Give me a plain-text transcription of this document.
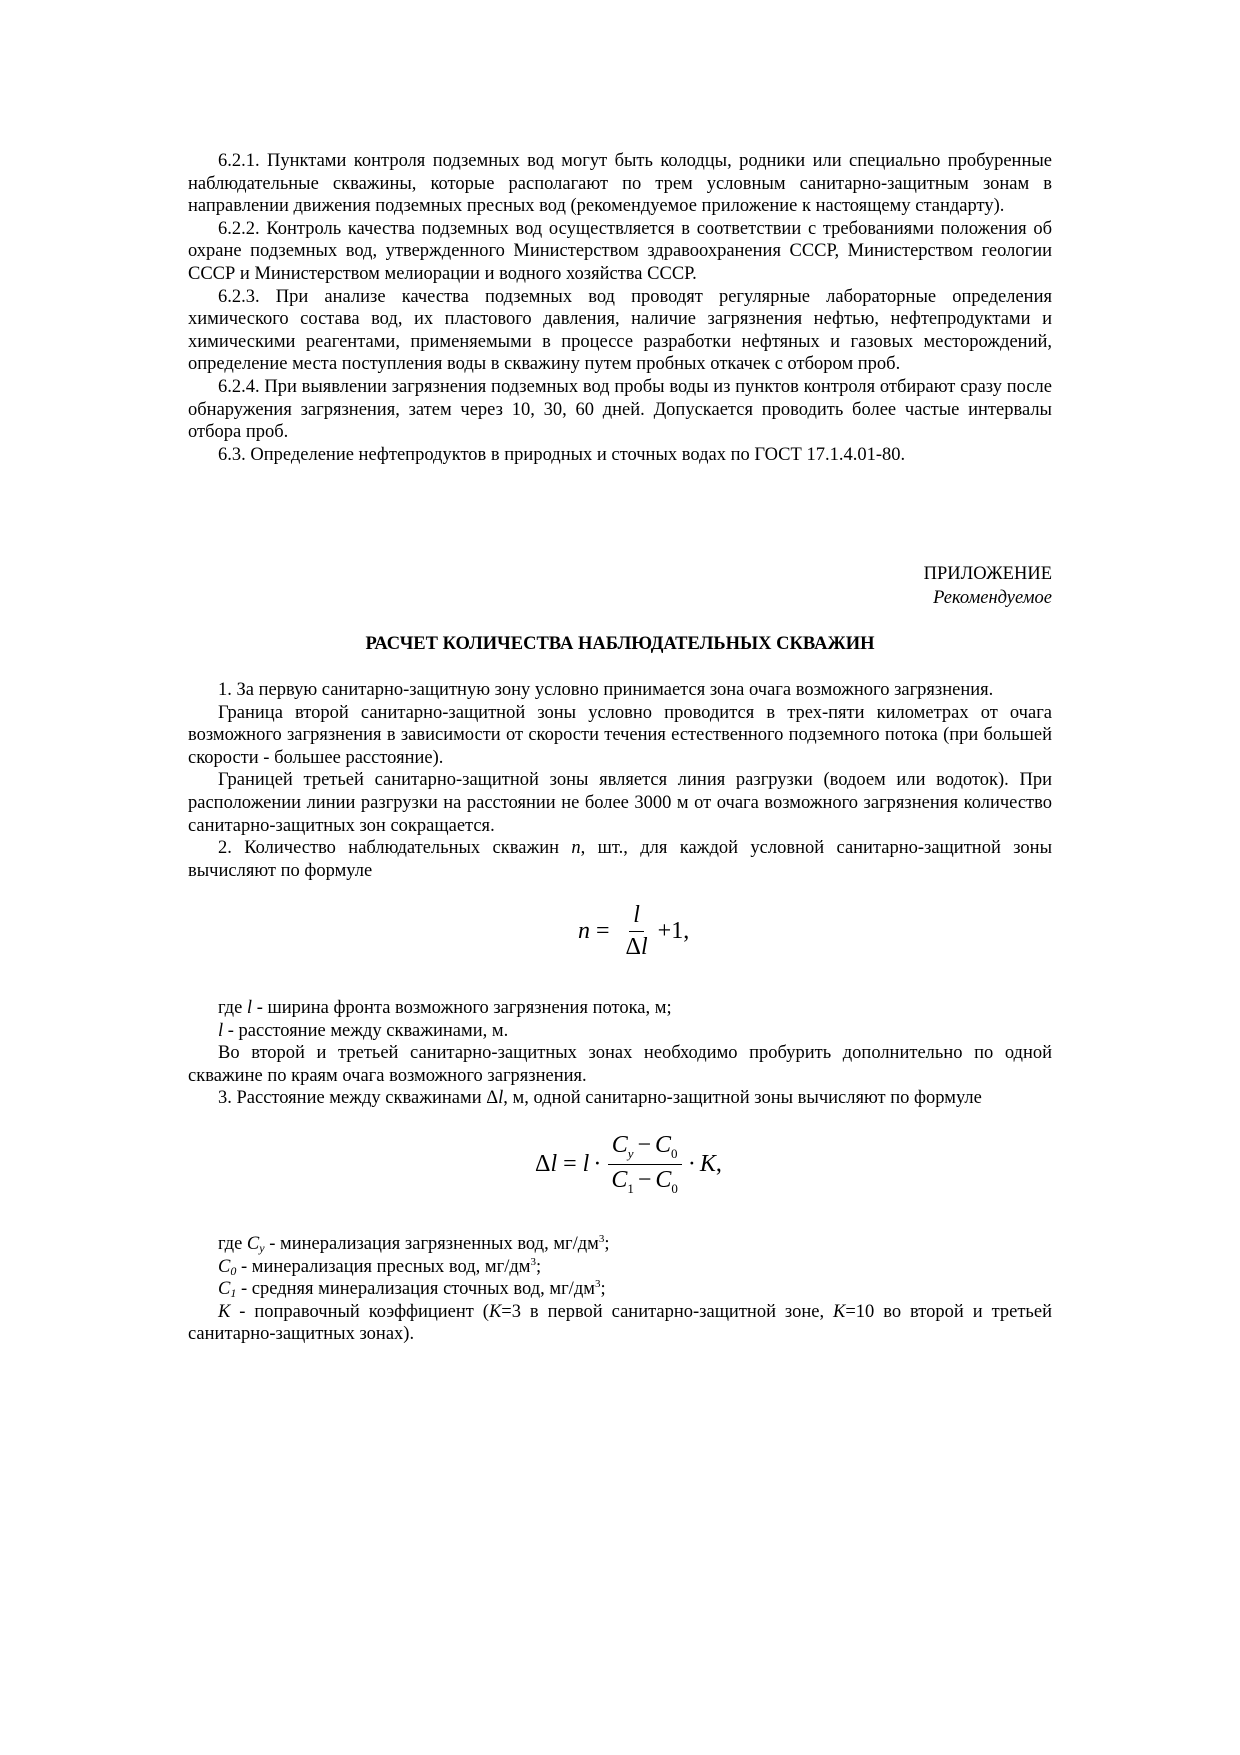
6.2.1. Пунктами контроля подземных вод могут быть колодцы, родники или специально пробуренные наблюдательные скважины, которые располагают по трем условным санитарно-защитным зонам в направлении движения подземных пресных вод (рекомендуемое приложение к настоящему стандарту).

6.2.2. Контроль качества подземных вод осуществляется в соответствии с требованиями положения об охране подземных вод, утвержденного Министерством здравоохранения СССР, Министерством геологии СССР и Министерством мелиорации и водного хозяйства СССР.

6.2.3. При анализе качества подземных вод проводят регулярные лабораторные определения химического состава вод, их пластового давления, наличие загрязнения нефтью, нефтепродуктами и химическими реагентами, применяемыми в процессе разработки нефтяных и газовых месторождений, определение места поступления воды в скважину путем пробных откачек с отбором проб.

6.2.4. При выявлении загрязнения подземных вод пробы воды из пунктов контроля отбирают сразу после обнаружения загрязнения, затем через 10, 30, 60 дней. Допускается проводить более частые интервалы отбора проб.

6.3. Определение нефтепродуктов в природных и сточных водах по ГОСТ 17.1.4.01-80.

ПРИЛОЖЕНИЕ
Рекомендуемое
РАСЧЕТ КОЛИЧЕСТВА НАБЛЮДАТЕЛЬНЫХ СКВАЖИН

1. За первую санитарно-защитную зону условно принимается зона очага возможного загрязнения.

Граница второй санитарно-защитной зоны условно проводится в трех-пяти километрах от очага возможного загрязнения в зависимости от скорости течения естественного подземного потока (при большей скорости - большее расстояние).

Границей третьей санитарно-защитной зоны является линия разгрузки (водоем или водоток). При расположении линии разгрузки на расстоянии не более 3000 м от очага возможного загрязнения количество санитарно-защитных зон сокращается.

2. Количество наблюдательных скважин n, шт., для каждой условной санитарно-защитной зоны вычисляют по формуле

$n = \frac{l}{\Delta l} +1$,

где l - ширина фронта возможного загрязнения потока, м;

l - расстояние между скважинами, м.

Во второй и третьей санитарно-защитных зонах необходимо пробурить дополнительно по одной скважине по краям очага возможного загрязнения.

3. Расстояние между скважинами Δl, м, одной санитарно-защитной зоны вычисляют по формуле

Δ $l = l \cdot \frac{C_y - C_0}{C_1 - C_0} \cdot K$ ,

где $C_y$ - минерализация загрязненных вод, $мг/дм^3$;

$C_0$ - минерализация пресных вод, $мг/дм^3$;

$C_1$ - средняя минерализация сточных вод, $мг/дм^3$;

K - поправочный коэффициент (K=3 в первой санитарно-защитной зоне, K=10 во второй и третьей санитарно-защитных зонах).
